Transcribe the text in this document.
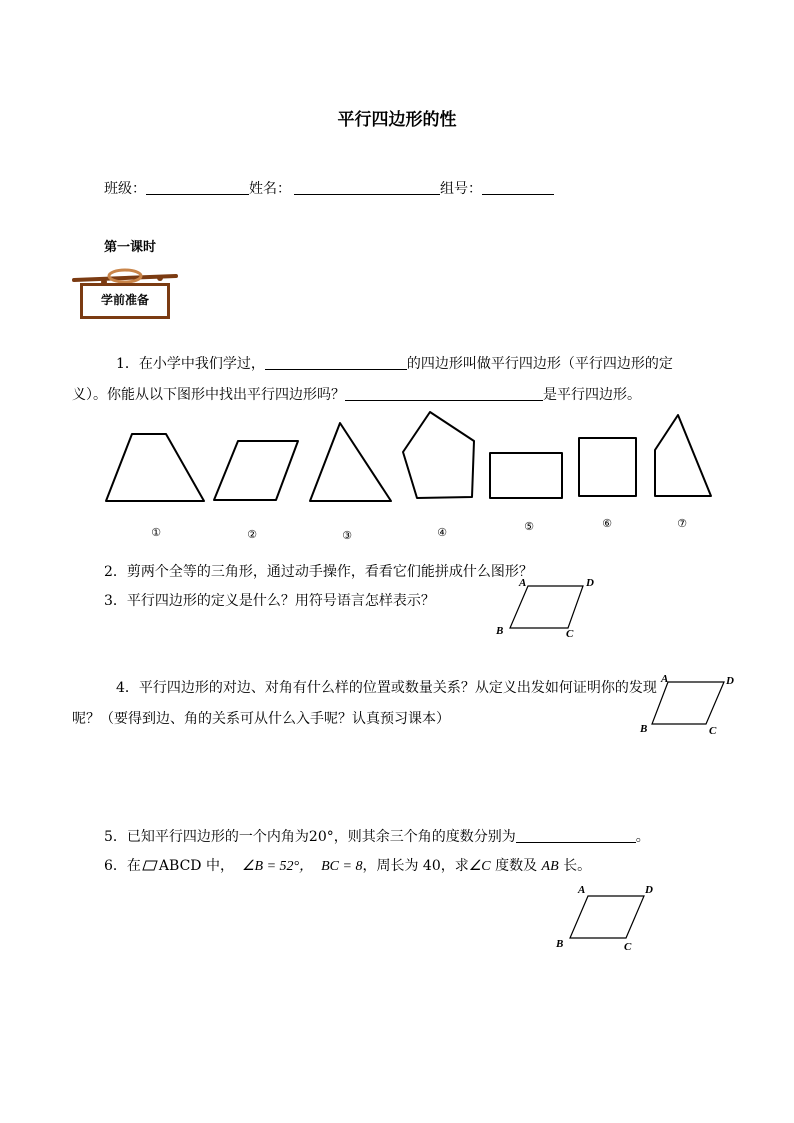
平行四边形的性
班级：	姓名：	组号：
第一课时
学前准备
1．在小学中我们学过，	的四边形叫做平行四边形（平行四边形的定
义）。你能从以下图形中找出平行四边形吗？	是平行四边形。
①	②	③	④	⑤	⑥	⑦
2．剪两个全等的三角形，通过动手操作，看看它们能拼成什么图形？
3．平行四边形的定义是什么？用符号语言怎样表示？
A	D
B	C
4．平行四边形的对边、对角有什么样的位置或数量关系？从定义出发如何证明你的发现
呢？（要得到边、角的关系可从什么入手呢？认真预习课本）
A	D
B	C
5．已知平行四边形的一个内角为20°，则其余三个角的度数分别为	。
6．在 ABCD 中， ∠B = 52°， BC = 8，周长为 40，求∠C 度数及 AB 长。
A	D
B	C
